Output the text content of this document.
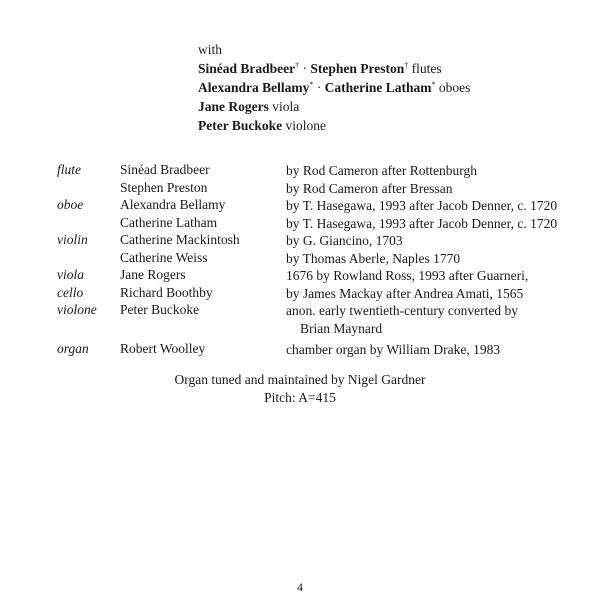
with
Sinéad Bradbeer† · Stephen Preston† flutes
Alexandra Bellamy* · Catherine Latham* oboes
Jane Rogers viola
Peter Buckoke violone
flute	Sinéad Bradbeer	by Rod Cameron after Rottenburgh
Stephen Preston	by Rod Cameron after Bressan
oboe	Alexandra Bellamy	by T. Hasegawa, 1993 after Jacob Denner, c. 1720
Catherine Latham	by T. Hasegawa, 1993 after Jacob Denner, c. 1720
violin Catherine Mackintosh	by G. Giancino, 1703
Catherine Weiss	by Thomas Aberle, Naples 1770
viola	Jane Rogers	1676 by Rowland Ross, 1993 after Guarneri,
cello	Richard Boothby	by James Mackay after Andrea Amati, 1565
violone Peter Buckoke	anon. early twentieth-century converted by
Brian Maynard
organ Robert Woolley	chamber organ by William Drake, 1983
Organ tuned and maintained by Nigel Gardner
Pitch: A=415
4
